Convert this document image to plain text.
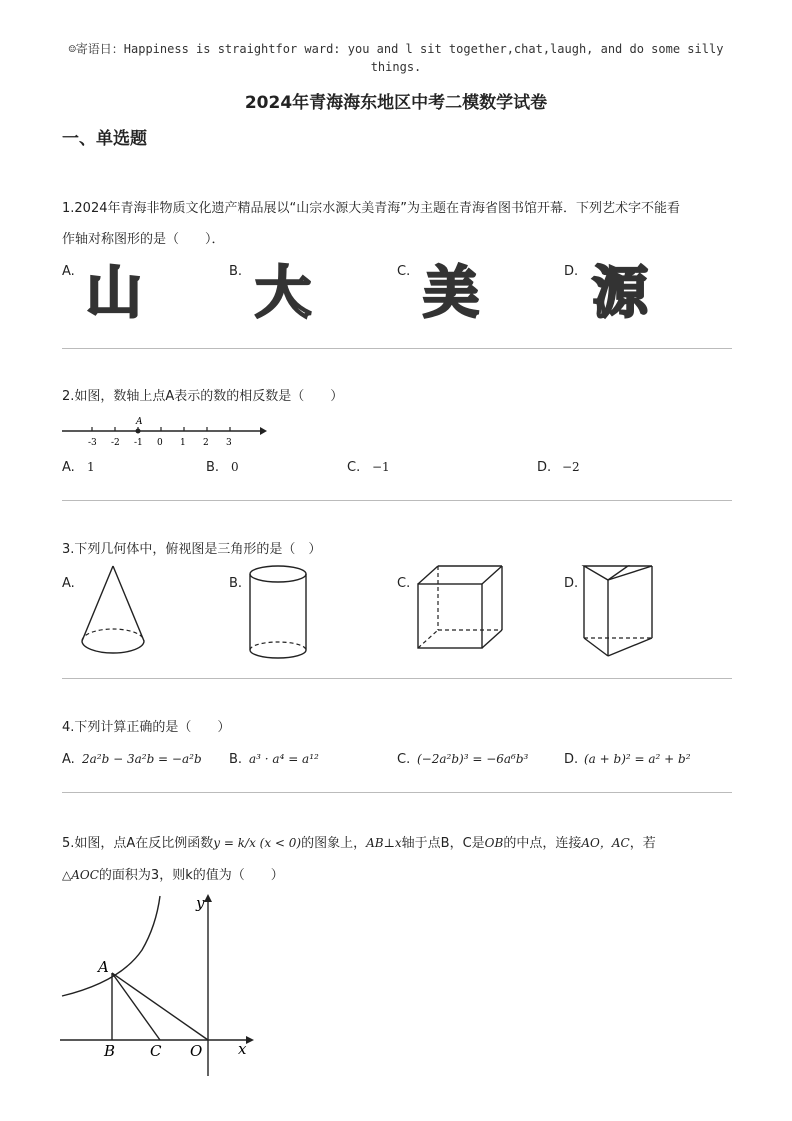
☺寄语日：Happiness is straightfor ward: you and l sit together,chat,laugh, and do some silly things.
2024年青海海东地区中考二模数学试卷
一、单选题
1.2024年青海非物质文化遗产精品展以“山宗水源大美青海”为主题在青海省图书馆开幕．下列艺术字不能看
作轴对称图形的是（　　）．
A. 山	B. 大	C. 美	D. 源
2.如图，数轴上点A表示的数的相反数是（　　）
-3 -2 -1 0 1 2 3
A
A. 1	B. 0	C. −1	D. −2
3.下列几何体中，俯视图是三角形的是（　）
A.	B.	C.	D.
4.下列计算正确的是（　　）
A. 2a²b − 3a²b = −a²b B. a³ · a⁴ = a¹²	C. (−2a²b)³ = −6a⁶b³	D. (a + b)² = a² + b²
5.如图，点A在反比例函数y = k/x (x < 0)的图象上，AB⊥x轴于点B，C是OB的中点，连接AO，AC，若
△AOC的面积为3，则k的值为（　　）
y
x
A
B C O
